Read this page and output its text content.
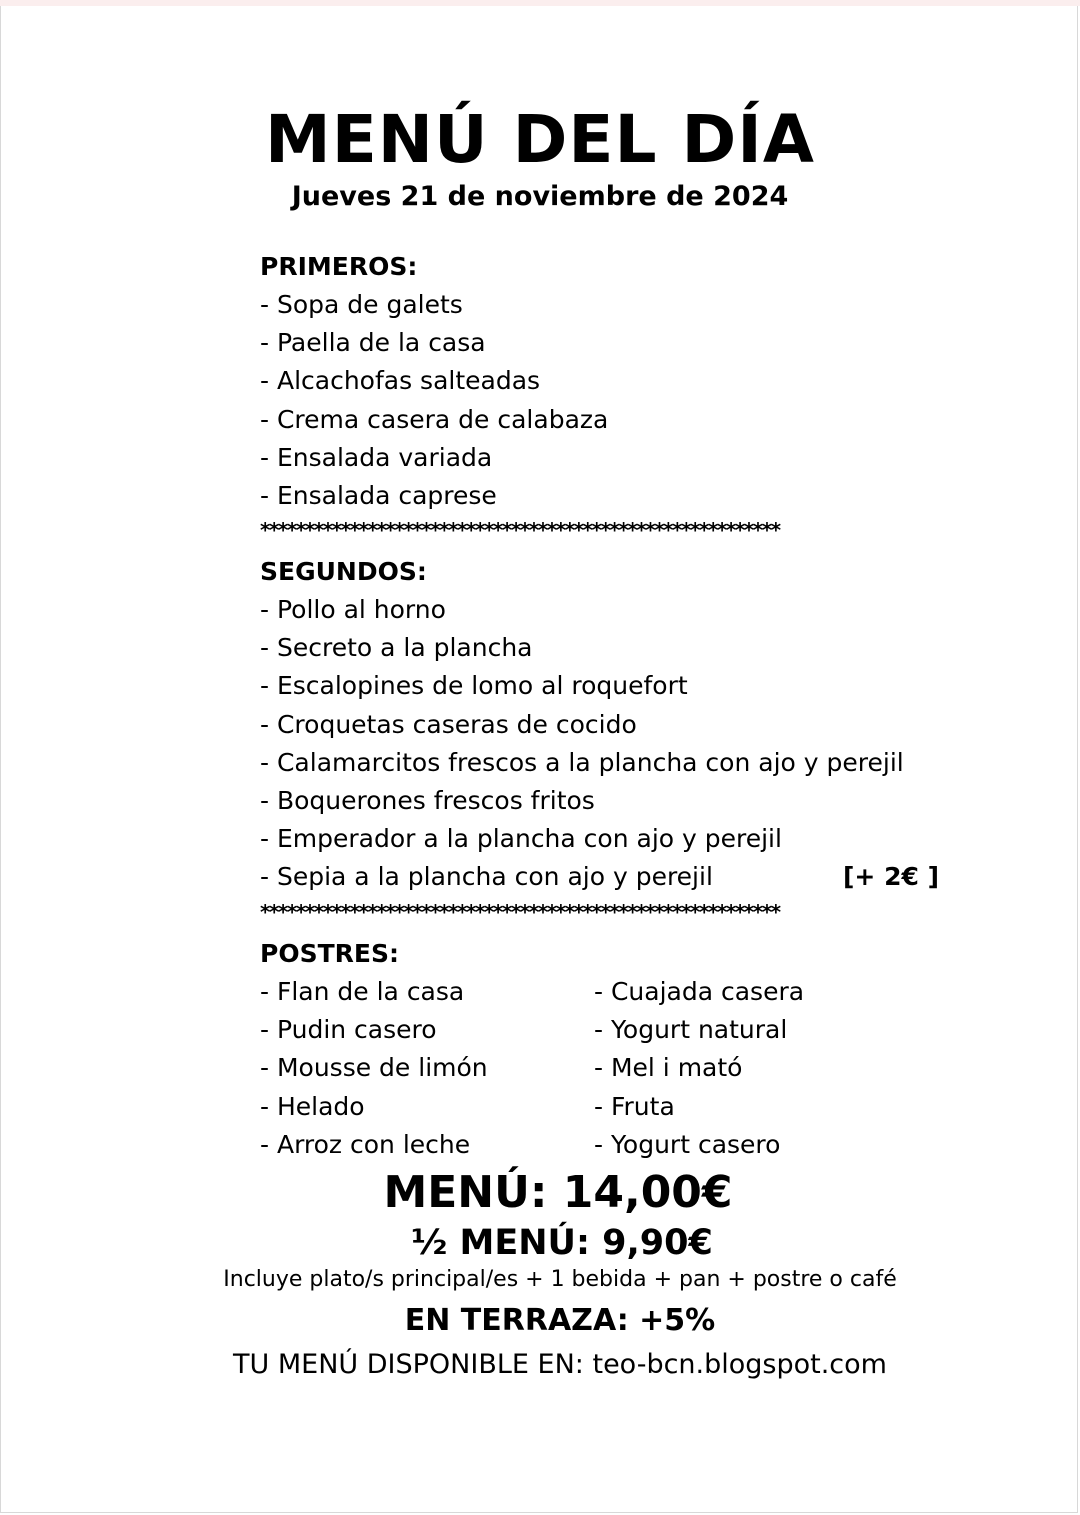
MENÚ DEL DÍA
Jueves 21 de noviembre de 2024
PRIMEROS:
- Sopa de galets
- Paella de la casa
- Alcachofas salteadas
- Crema casera de calabaza
- Ensalada variada
- Ensalada caprese
**********************************************************
SEGUNDOS:
- Pollo al horno
- Secreto a la plancha
- Escalopines de lomo al roquefort
- Croquetas caseras de cocido
- Calamarcitos frescos a la plancha con ajo y perejil
- Boquerones frescos fritos
- Emperador a la plancha con ajo y perejil
- Sepia a la plancha con ajo y perejil	[+ 2€ ]
**********************************************************
POSTRES:
- Flan de la casa
- Pudin casero
- Mousse de limón
- Helado
- Arroz con leche
- Cuajada casera
- Yogurt natural
- Mel i mató
- Fruta
- Yogurt casero
MENÚ: 14,00€
½ MENÚ: 9,90€
Incluye plato/s principal/es + 1 bebida + pan + postre o café
EN TERRAZA: +5%
TU MENÚ DISPONIBLE EN: teo-bcn.blogspot.com
